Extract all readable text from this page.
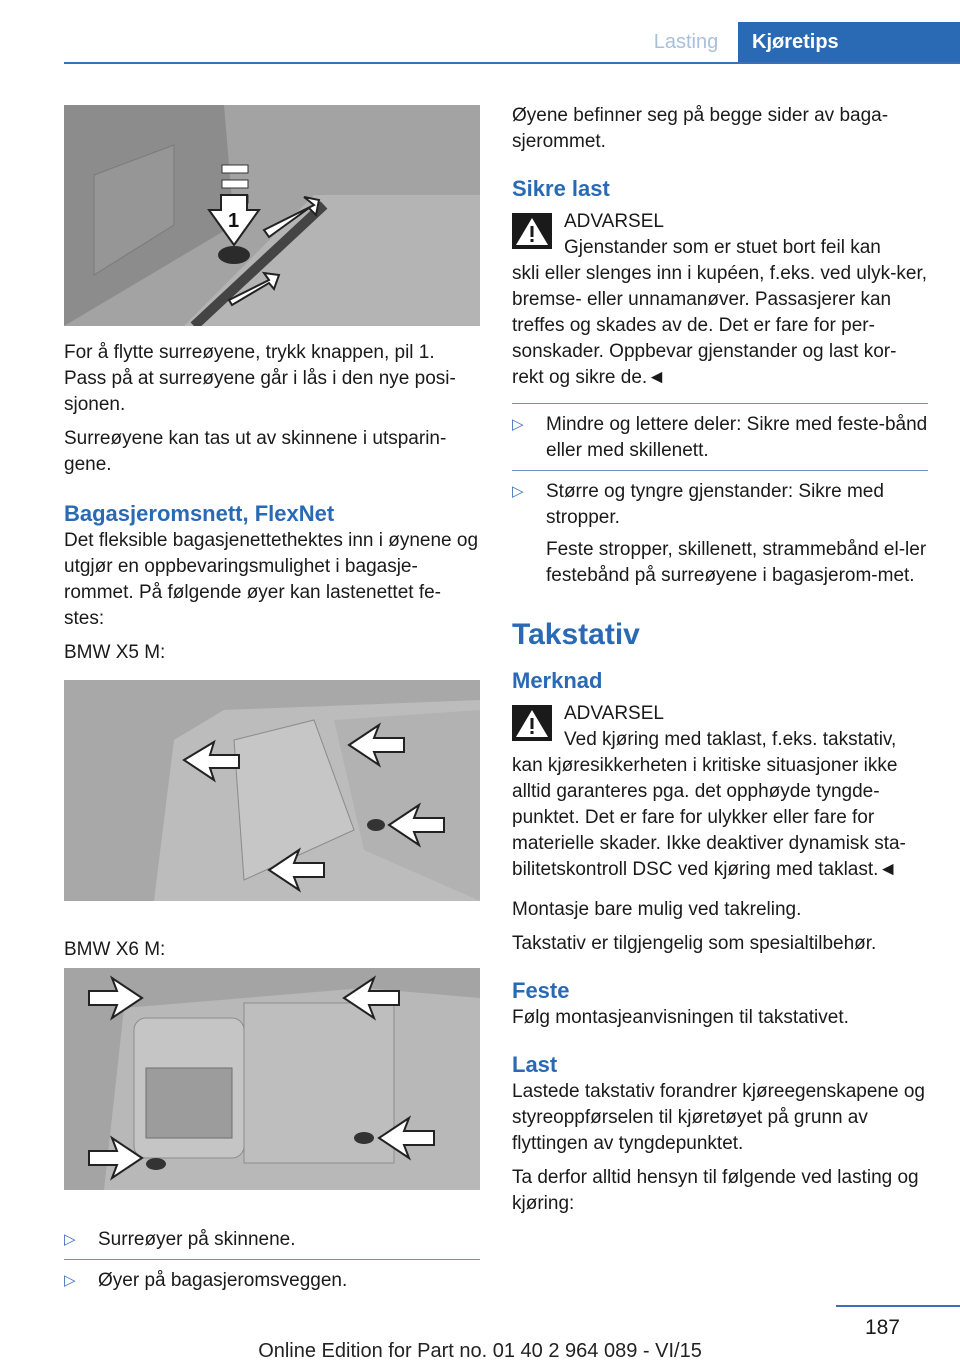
Lasting	Kjøretips
1

For å flytte surreøyene, trykk knappen, pil 1. Pass på at surreøyene går i lås i den nye posi-sjonen.

Surreøyene kan tas ut av skinnene i utsparin-gene.

Bagasjeromsnett, FlexNet

Det fleksible bagasjenettethektes inn i øynene og utgjør en oppbevaringsmulighet i bagasje-rommet. På følgende øyer kan lastenettet fe-stes:

BMW X5 M:

BMW X6 M:
▷ Surreøyer på skinnene.
▷ Øyer på bagasjeromsveggen.

Øyene befinner seg på begge sider av baga-sjerommet.

Sikre last
ADVARSEL
Gjenstander som er stuet bort feil kan

skli eller slenges inn i kupéen, f.eks. ved ulyk-ker, bremse- eller unnamanøver. Passasjerer kan treffes og skades av de. Det er fare for per-sonskader. Oppbevar gjenstander og last kor-rekt og sikre de.◄

▷ Mindre og lettere deler: Sikre med feste-bånd eller med skillenett.
▷ Større og tyngre gjenstander: Sikre med stropper.
Feste stropper, skillenett, strammebånd el-ler festebånd på surreøyene i bagasjerom-met.
Takstativ
Merknad
ADVARSEL
Ved kjøring med taklast, f.eks. takstativ,

kan kjøresikkerheten i kritiske situasjoner ikke alltid garanteres pga. det opphøyde tyngde-punktet. Det er fare for ulykker eller fare for materielle skader. Ikke deaktiver dynamisk sta-bilitetskontroll DSC ved kjøring med taklast.◄

Montasje bare mulig ved takreling.

Takstativ er tilgjengelig som spesialtilbehør.

Feste

Følg montasjeanvisningen til takstativet.

Last

Lastede takstativ forandrer kjøreegenskapene og styreoppførselen til kjøretøyet på grunn av flyttingen av tyngdepunktet.

Ta derfor alltid hensyn til følgende ved lasting og kjøring:

187
Online Edition for Part no. 01 40 2 964 089 - VI/15
